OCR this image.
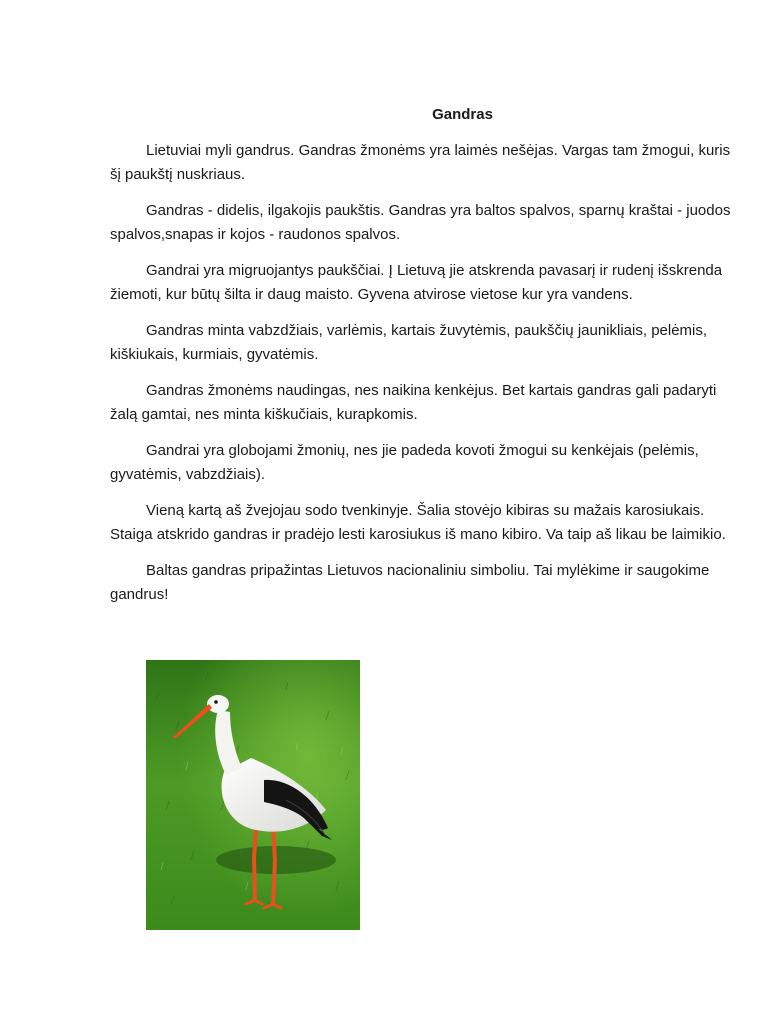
Gandras

Lietuviai myli gandrus. Gandras žmonėms yra laimės nešėjas. Vargas tam žmogui, kuris šį paukštį nuskriaus.

Gandras - didelis, ilgakojis paukštis. Gandras yra baltos spalvos, sparnų kraštai - juodos spalvos,snapas ir kojos - raudonos spalvos.

Gandrai yra migruojantys paukščiai. Į Lietuvą jie atskrenda pavasarį ir rudenį išskrenda žiemoti, kur būtų šilta ir daug maisto. Gyvena atvirose vietose kur yra vandens.

Gandras minta vabzdžiais, varlėmis, kartais žuvytėmis, paukščių jaunikliais, pelėmis, kiškiukais, kurmiais, gyvatėmis.

Gandras žmonėms naudingas, nes naikina kenkėjus. Bet kartais gandras gali padaryti žalą gamtai, nes minta kiškučiais, kurapkomis.

Gandrai yra globojami žmonių, nes jie padeda kovoti žmogui su kenkėjais (pelėmis, gyvatėmis, vabzdžiais).

Vieną kartą aš žvejojau sodo tvenkinyje. Šalia stovėjo kibiras su mažais karosiukais. Staiga atskrido gandras ir pradėjo lesti karosiukus iš mano kibiro. Va taip aš likau be laimikio.

Baltas gandras pripažintas Lietuvos nacionaliniu simboliu. Tai mylėkime ir saugokime gandrus!
